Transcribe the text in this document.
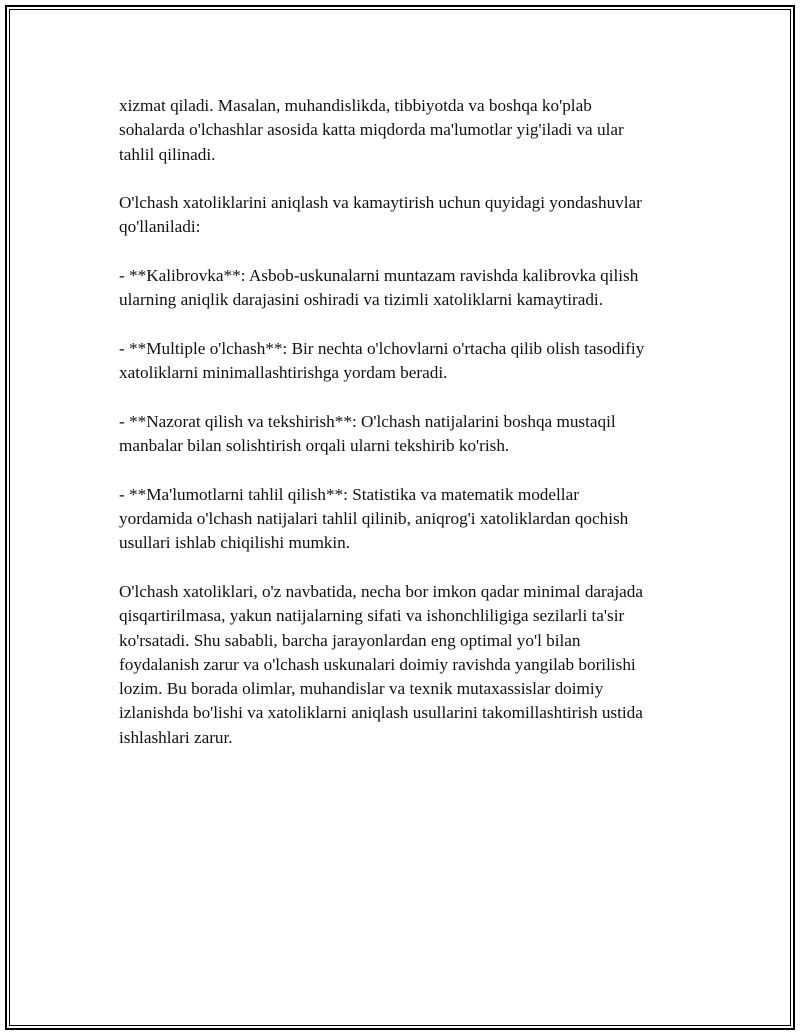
xizmat qiladi. Masalan, muhandislikda, tibbiyotda va boshqa ko'plab
sohalarda o'lchashlar asosida katta miqdorda ma'lumotlar yig'iladi va ular
tahlil qilinadi.

O'lchash xatoliklarini aniqlash va kamaytirish uchun quyidagi yondashuvlar
qo'llaniladi:

- **Kalibrovka**: Asbob-uskunalarni muntazam ravishda kalibrovka qilish
ularning aniqlik darajasini oshiradi va tizimli xatoliklarni kamaytiradi.

- **Multiple o'lchash**: Bir nechta o'lchovlarni o'rtacha qilib olish tasodifiy
xatoliklarni minimallashtirishga yordam beradi.

- **Nazorat qilish va tekshirish**: O'lchash natijalarini boshqa mustaqil
manbalar bilan solishtirish orqali ularni tekshirib ko'rish.

- **Ma'lumotlarni tahlil qilish**: Statistika va matematik modellar
yordamida o'lchash natijalari tahlil qilinib, aniqrog'i xatoliklardan qochish
usullari ishlab chiqilishi mumkin.

O'lchash xatoliklari, o'z navbatida, necha bor imkon qadar minimal darajada
qisqartirilmasa, yakun natijalarning sifati va ishonchliligiga sezilarli ta'sir
ko'rsatadi. Shu sababli, barcha jarayonlardan eng optimal yo'l bilan
foydalanish zarur va o'lchash uskunalari doimiy ravishda yangilab borilishi
lozim. Bu borada olimlar, muhandislar va texnik mutaxassislar doimiy
izlanishda bo'lishi va xatoliklarni aniqlash usullarini takomillashtirish ustida
ishlashlari zarur.
